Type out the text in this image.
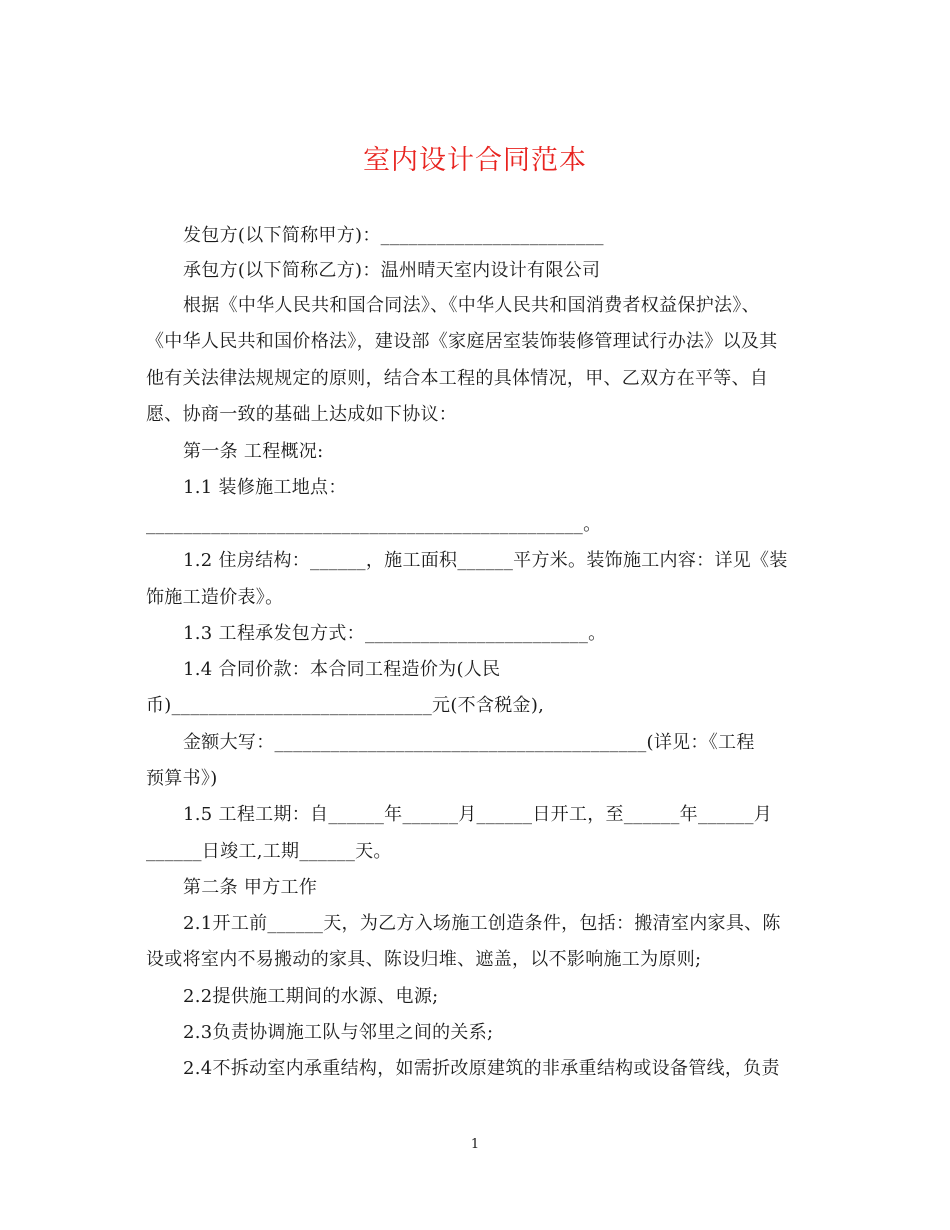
室内设计合同范本
发包方(以下简称甲方)：________________________
承包方(以下简称乙方)：温州晴天室内设计有限公司
根据《中华人民共和国合同法》、《中华人民共和国消费者权益保护法》、
《中华人民共和国价格法》，建设部《家庭居室装饰装修管理试行办法》以及其
他有关法律法规规定的原则，结合本工程的具体情况，甲、乙双方在平等、自
愿、协商一致的基础上达成如下协议：
第一条 工程概况:
1.1 装修施工地点：
_______________________________________________。
1.2 住房结构：______，施工面积______平方米。装饰施工内容：详见《装
饰施工造价表》。
1.3 工程承发包方式：________________________。
1.4 合同价款：本合同工程造价为(人民
币)____________________________元(不含税金),
金额大写：________________________________________(详见：《工程
预算书》)
1.5 工程工期：自______年______月______日开工，至______年______月
______日竣工,工期______天。
第二条 甲方工作
2.1开工前______天，为乙方入场施工创造条件，包括：搬清室内家具、陈
设或将室内不易搬动的家具、陈设归堆、遮盖，以不影响施工为原则;
2.2提供施工期间的水源、电源;
2.3负责协调施工队与邻里之间的关系;
2.4不拆动室内承重结构，如需折改原建筑的非承重结构或设备管线，负责
1
